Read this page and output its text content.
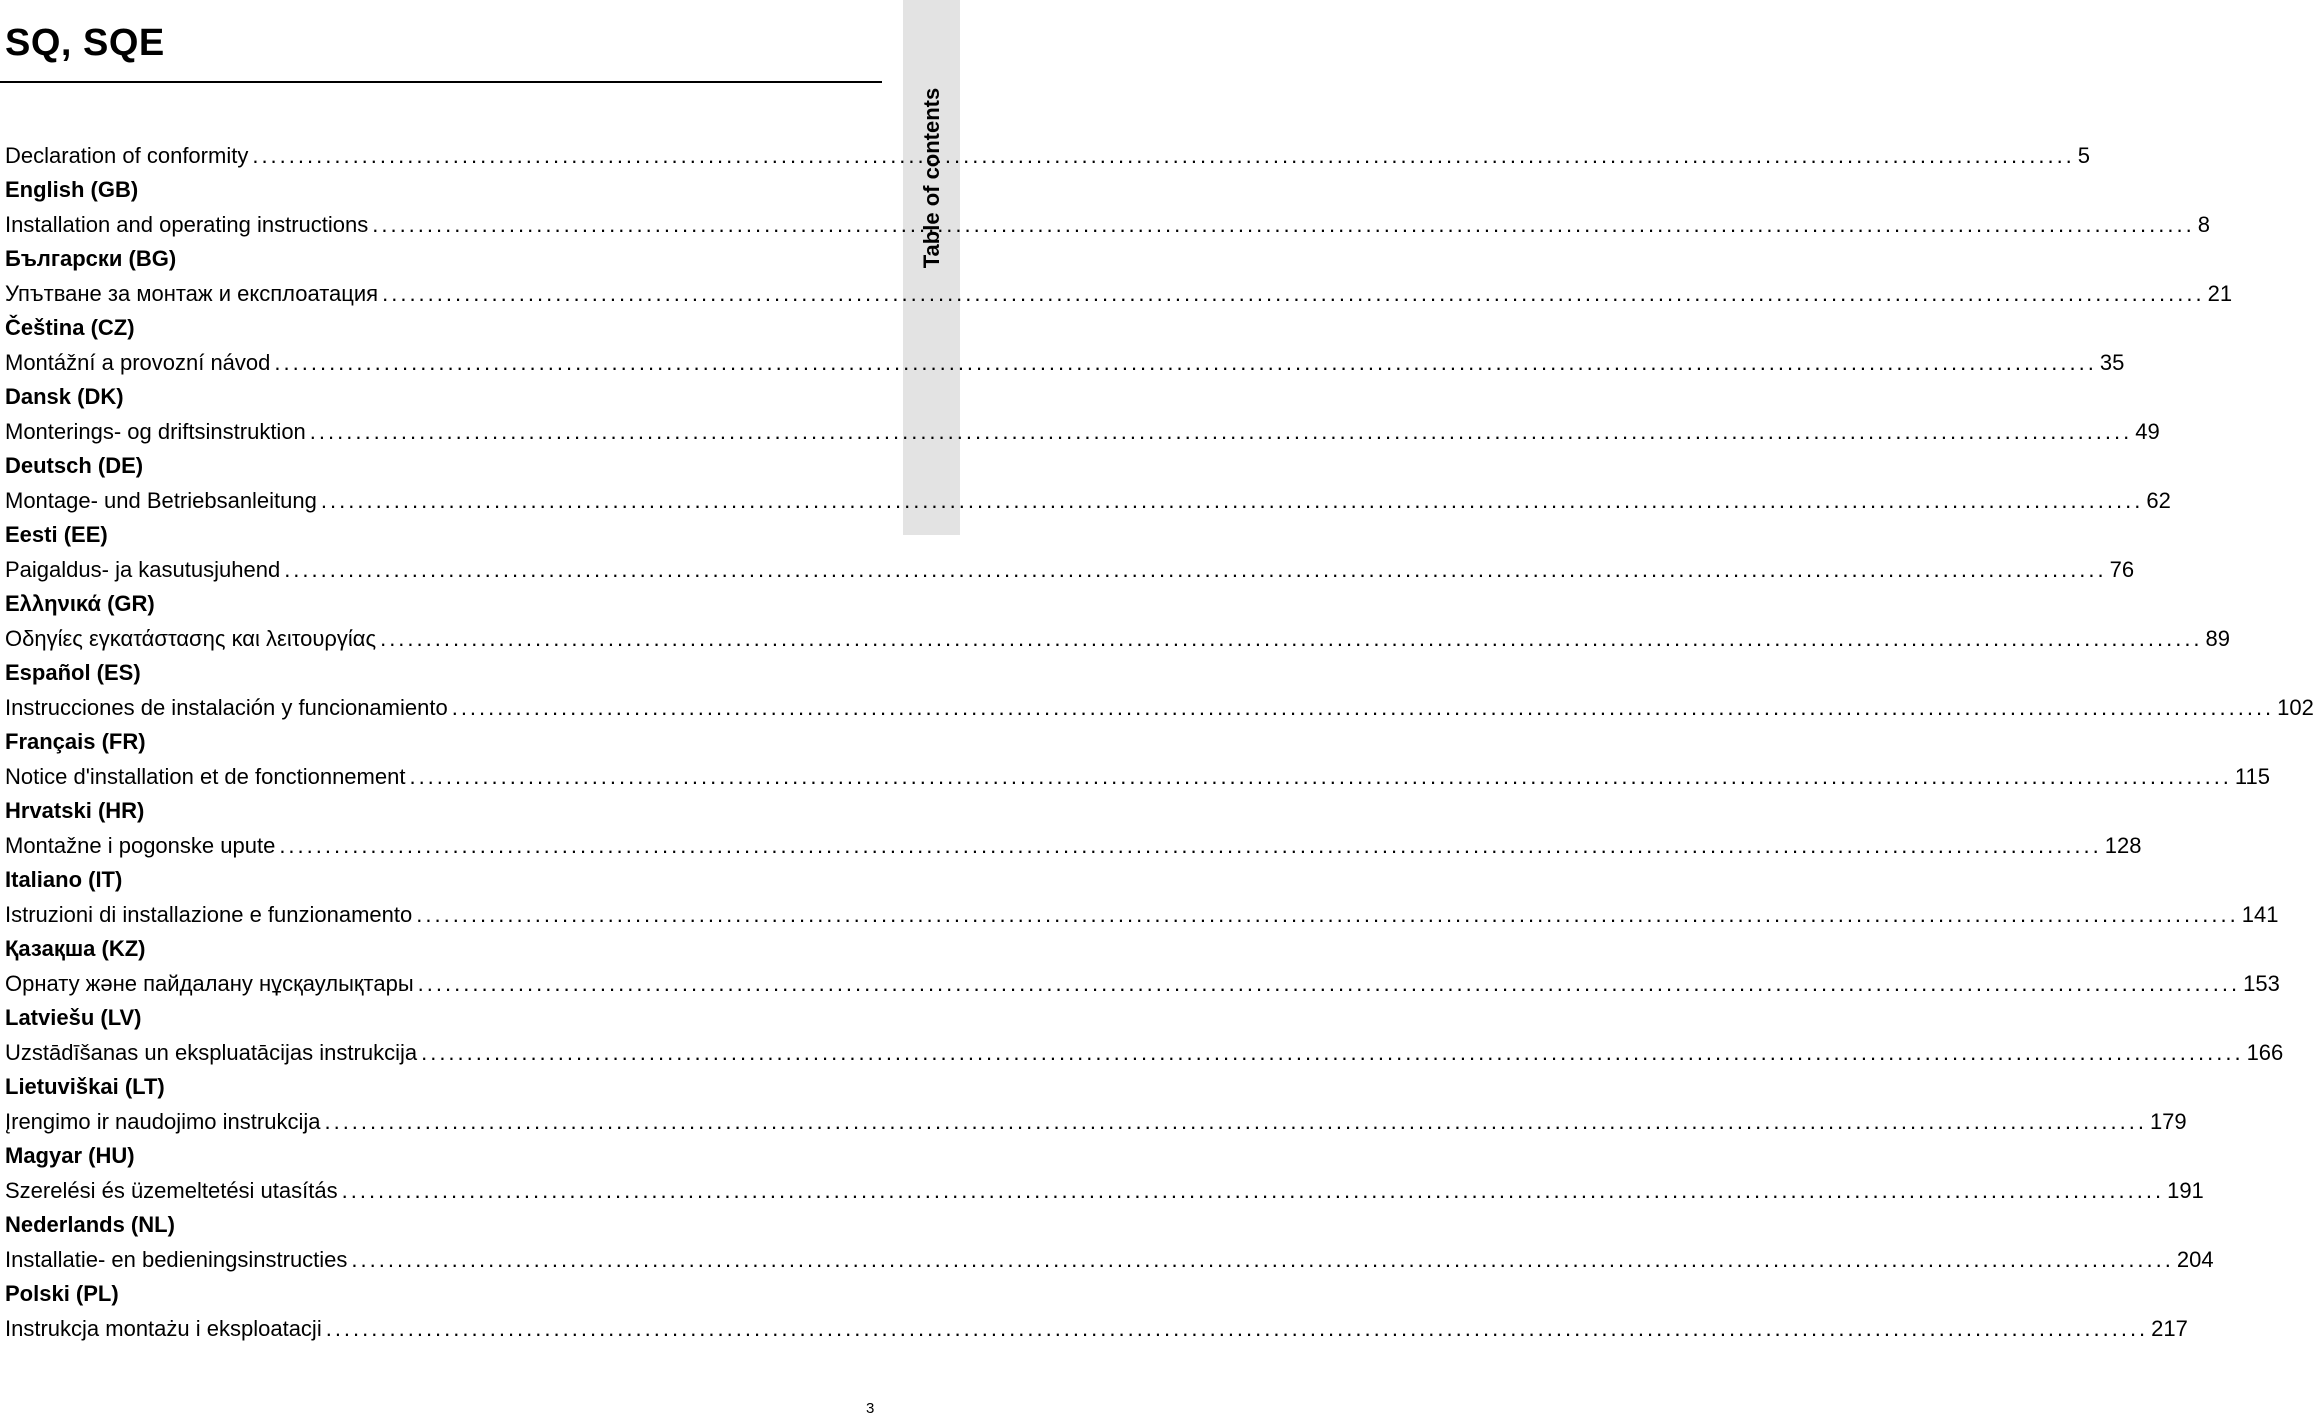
SQ, SQE
Table of contents
Declaration of conformity ........................................................................................................................................................................................................ 5
English (GB)
Installation and operating instructions ........................................................................................................................................................................................................ 8
Български (BG)
Упътване за монтаж и експлоатация ........................................................................................................................................................................................................ 21
Čeština (CZ)
Montážní a provozní návod ........................................................................................................................................................................................................ 35
Dansk (DK)
Monterings- og driftsinstruktion ........................................................................................................................................................................................................ 49
Deutsch (DE)
Montage- und Betriebsanleitung ........................................................................................................................................................................................................ 62
Eesti (EE)
Paigaldus- ja kasutusjuhend ........................................................................................................................................................................................................ 76
Ελληνικά (GR)
Οδηγίες εγκατάστασης και λειτουργίας ........................................................................................................................................................................................................ 89
Español (ES)
Instrucciones de instalación y funcionamiento ........................................................................................................................................................................................................ 102
Français (FR)
Notice d'installation et de fonctionnement ........................................................................................................................................................................................................ 115
Hrvatski (HR)
Montažne i pogonske upute ........................................................................................................................................................................................................ 128
Italiano (IT)
Istruzioni di installazione e funzionamento ........................................................................................................................................................................................................ 141
Қазақша (KZ)
Орнату және пайдалану нұсқаулықтары ........................................................................................................................................................................................................ 153
Latviešu (LV)
Uzstādīšanas un ekspluatācijas instrukcija ........................................................................................................................................................................................................ 166
Lietuviškai (LT)
Įrengimo ir naudojimo instrukcija ........................................................................................................................................................................................................ 179
Magyar (HU)
Szerelési és üzemeltetési utasítás ........................................................................................................................................................................................................ 191
Nederlands (NL)
Installatie- en bedieningsinstructies ........................................................................................................................................................................................................ 204
Polski (PL)
Instrukcja montażu i eksploatacji ........................................................................................................................................................................................................ 217
3
